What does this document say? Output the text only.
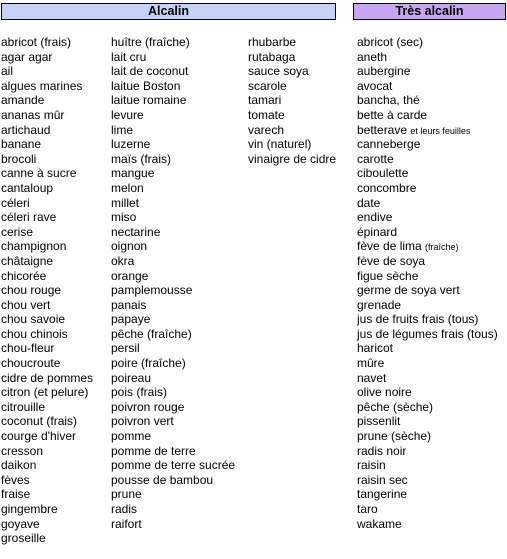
Alcalin	Très alcalin
abricot (frais)
agar agar
ail
algues marines
amande
ananas mûr
artichaud
banane
brocoli
canne à sucre
cantaloup
céleri
céleri rave
cerise
champignon
châtaigne
chicorée
chou rouge
chou vert
chou savoie
chou chinois
chou-fleur
choucroute
cidre de pommes
citron (et pelure)
citrouille
coconut (frais)
courge d'hiver
cresson
daikon
fèves
fraise
gingembre
goyave
groseille
huître (fraîche)
lait cru
lait de coconut
laitue Boston
laitue romaine
levure
lime
luzerne
maïs (frais)
mangue
melon
millet
miso
nectarine
oignon
okra
orange
pamplemousse
panais
papaye
pêche (fraîche)
persil
poire (fraîche)
poireau
pois (frais)
poivron rouge
poivron vert
pomme
pomme de terre
pomme de terre sucrée
pousse de bambou
prune
radis
raifort
rhubarbe
rutabaga
sauce soya
scarole
tamari
tomate
varech
vin (naturel)
vinaigre de cidre
abricot (sec)
aneth
aubergine
avocat
bancha, thé
bette à carde
betterave et leurs feuilles
canneberge
carotte
ciboulette
concombre
date
endive
épinard
fève de lima (fraîche)
fève de soya
figue sèche
germe de soya vert
grenade
jus de fruits frais (tous)
jus de légumes frais (tous)
haricot
mûre
navet
olive noire
pêche (sèche)
pissenlit
prune (sèche)
radis noir
raisin
raisin sec
tangerine
taro
wakame
